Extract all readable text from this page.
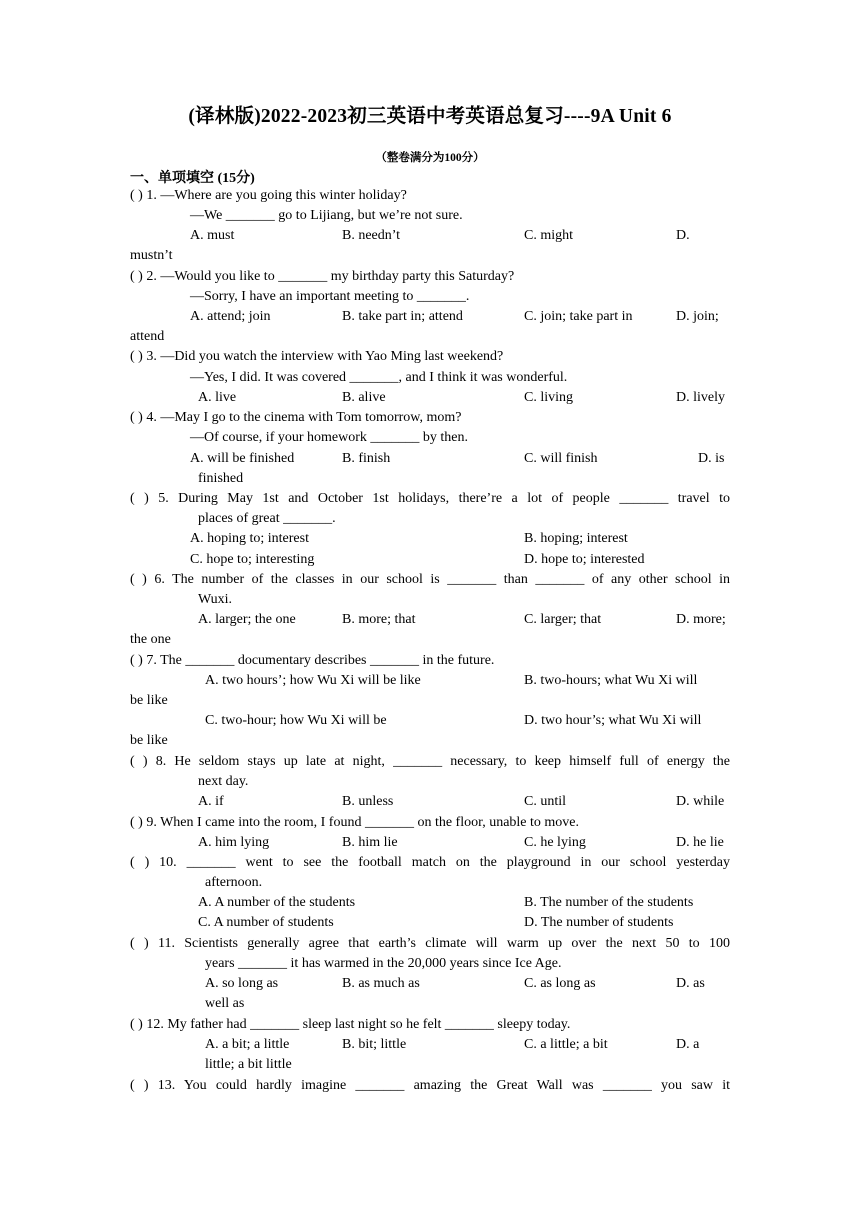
(译林版)2022-2023初三英语中考英语总复习----9A Unit 6
（整卷满分为100分）
一、单项填空 (15分)
( ) 1. —Where are you going this winter holiday?
—We _______ go to Lijiang, but we’re not sure.
A. must	B. needn’t	C. might	D.
mustn’t
( ) 2. —Would you like to _______ my birthday party this Saturday?
—Sorry, I have an important meeting to _______.
A. attend; join	B. take part in; attend	C. join; take part in	D. join;
attend
( ) 3. —Did you watch the interview with Yao Ming last weekend?
—Yes, I did. It was covered _______, and I think it was wonderful.
A. live	B. alive	C. living	D. lively
( ) 4. —May I go to the cinema with Tom tomorrow, mom?
—Of course, if your homework _______ by then.
A. will be finished	B. finish	C. will finish	D. is
finished
( ) 5. During May 1st and October 1st holidays, there’re a lot of people _______ travel to
places of great _______.
A. hoping to; interest	B. hoping; interest
C. hope to; interesting	D. hope to; interested
( ) 6. The number of the classes in our school is _______ than _______ of any other school in
Wuxi.
A. larger; the one	B. more; that	C. larger; that	D. more;
the one
( ) 7. The _______ documentary describes _______ in the future.
A. two hours’; how Wu Xi will be like	B. two-hours; what Wu Xi will
be like
C. two-hour; how Wu Xi will be	D. two hour’s; what Wu Xi will
be like
( ) 8. He seldom stays up late at night, _______ necessary, to keep himself full of energy the
next day.
A. if	B. unless	C. until	D. while
( ) 9. When I came into the room, I found _______ on the floor, unable to move.
A. him lying	B. him lie	C. he lying	D. he lie
( ) 10. _______ went to see the football match on the playground in our school yesterday
afternoon.
A. A number of the students	B. The number of the students
C. A number of students	D. The number of students
( ) 11. Scientists generally agree that earth’s climate will warm up over the next 50 to 100
years _______ it has warmed in the 20,000 years since Ice Age.
A. so long as	B. as much as	C. as long as	D. as
well as
( ) 12. My father had _______ sleep last night so he felt _______ sleepy today.
A. a bit; a little	B. bit; little	C. a little; a bit	D. a
little; a bit little
( ) 13. You could hardly imagine _______ amazing the Great Wall was _______ you saw it
